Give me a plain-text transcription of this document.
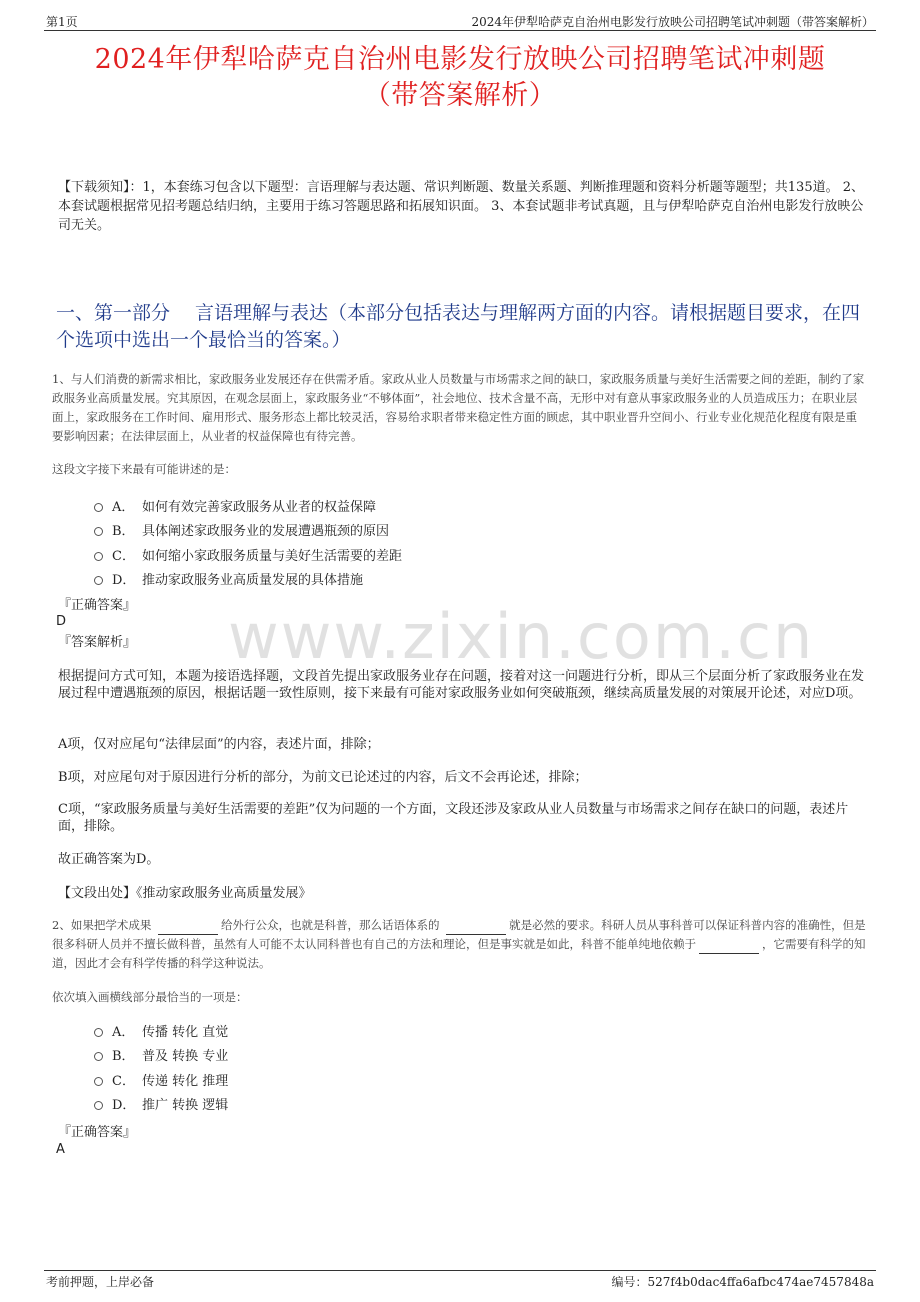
第1页	2024年伊犁哈萨克自治州电影发行放映公司招聘笔试冲刺题（带答案解析）
2024年伊犁哈萨克自治州电影发行放映公司招聘笔试冲刺题
（带答案解析）
【下载须知】：1，本套练习包含以下题型：言语理解与表达题、常识判断题、数量关系题、判断推理题和资料分析题等题型；共135道。 2、本套试题根据常见招考题总结归纳，主要用于练习答题思路和拓展知识面。 3、本套试题非考试真题，且与伊犁哈萨克自治州电影发行放映公司无关。
一、第一部分　 言语理解与表达（本部分包括表达与理解两方面的内容。请根据题目要求，在四个选项中选出一个最恰当的答案。）
1、与人们消费的新需求相比，家政服务业发展还存在供需矛盾。家政从业人员数量与市场需求之间的缺口，家政服务质量与美好生活需要之间的差距，制约了家政服务业高质量发展。究其原因，在观念层面上，家政服务业“不够体面”，社会地位、技术含量不高，无形中对有意从事家政服务业的人员造成压力；在职业层面上，家政服务在工作时间、雇用形式、服务形态上都比较灵活，容易给求职者带来稳定性方面的顾虑，其中职业晋升空间小、行业专业化规范化程度有限是重要影响因素；在法律层面上，从业者的权益保障也有待完善。
这段文字接下来最有可能讲述的是：
A． 如何有效完善家政服务从业者的权益保障
B． 具体阐述家政服务业的发展遭遇瓶颈的原因
C． 如何缩小家政服务质量与美好生活需要的差距
D． 推动家政服务业高质量发展的具体措施
『正确答案』
D
『答案解析』
根据提问方式可知，本题为接语选择题，文段首先提出家政服务业存在问题，接着对这一问题进行分析，即从三个层面分析了家政服务业在发展过程中遭遇瓶颈的原因，根据话题一致性原则，接下来最有可能对家政服务业如何突破瓶颈，继续高质量发展的对策展开论述，对应D项。
A项，仅对应尾句“法律层面”的内容，表述片面，排除；
B项，对应尾句对于原因进行分析的部分，为前文已论述过的内容，后文不会再论述，排除；
C项，“家政服务质量与美好生活需要的差距”仅为问题的一个方面，文段还涉及家政从业人员数量与市场需求之间存在缺口的问题，表述片面，排除。
故正确答案为D。
【文段出处】《推动家政服务业高质量发展》
2、如果把学术成果	给外行公众，也就是科普，那么话语体系的	就是必然的要求。科研人员从事科普可以保证科普内容的准确性，但是很多科研人员并不擅长做科普，虽然有人可能不太认同科普也有自己的方法和理论，但是事实就是如此，科普不能单纯地依赖于	，它需要有科学的知道，因此才会有科学传播的科学这种说法。
依次填入画横线部分最恰当的一项是：
A． 传播 转化 直觉
B． 普及 转换 专业
C． 传递 转化 推理
D． 推广 转换 逻辑
『正确答案』
A
www.zixin.com.cn
考前押题，上岸必备	编号：527f4b0dac4ffa6afbc474ae7457848a
